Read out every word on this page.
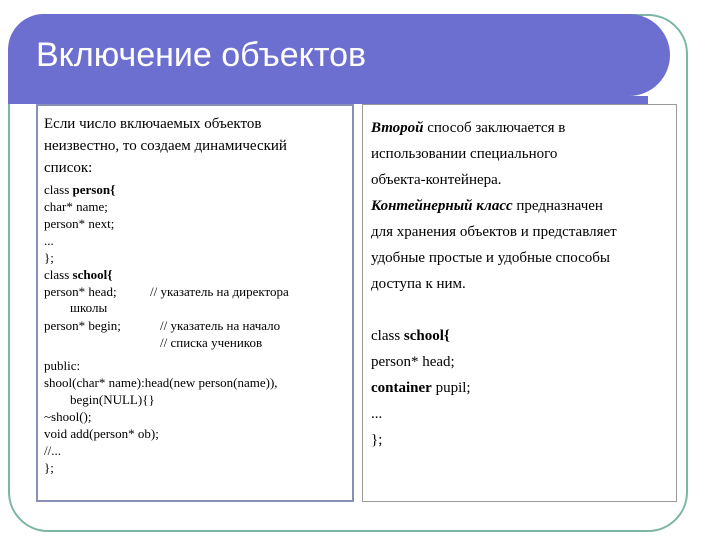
Включение объектов
Если число включаемых объектов
неизвестно, то создаем динамический
список:
class person{
char* name;
person* next;
...
};
class school{
person* head;	// указатель на директора
школы
person* begin;	// указатель на начало
// списка учеников
public:
shool(char* name):head(new person(name)),
begin(NULL){}
~shool();
void add(person* ob);
//...
};
Второй способ заключается в
использовании специального
объекта-контейнера.
Контейнерный класс предназначен
для хранения объектов и представляет
удобные простые и удобные способы
доступа к ним.
class school{
person* head;
container pupil;
...
};
